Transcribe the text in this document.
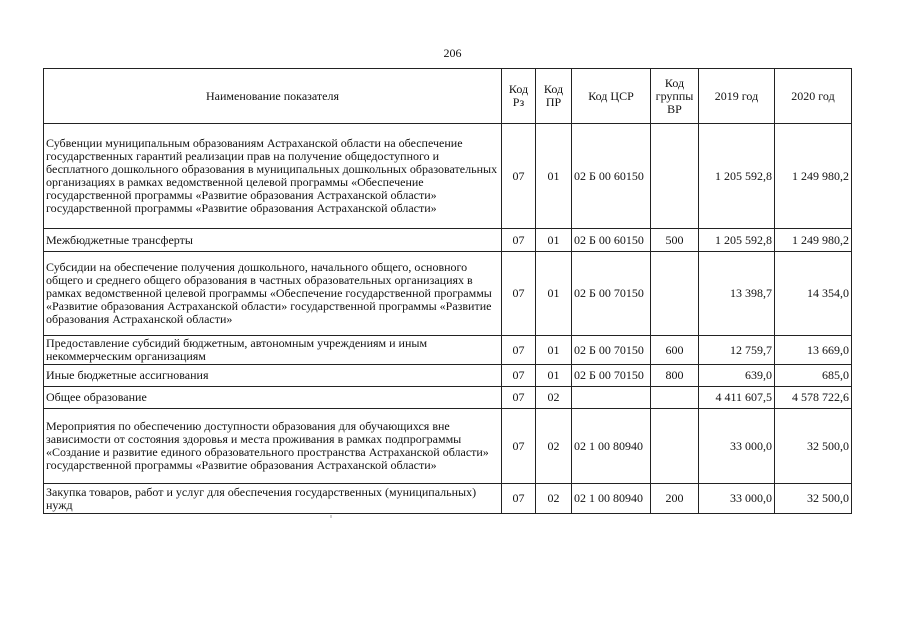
206
Наименование показателя	Код Рз	Код ПР	Код ЦСР	Код группы ВР	2019 год	2020 год
Субвенции муниципальным образованиям Астраханской области на обеспечение государственных гарантий реализации прав на получение общедоступного и бесплатного дошкольного образования в муниципальных дошкольных образовательных организациях в рамках ведомственной целевой программы «Обеспечение государственной программы «Развитие образования Астраханской области» государственной программы «Развитие образования Астраханской области»	07	01	02 Б 00 60150		1 205 592,8	1 249 980,2
Межбюджетные трансферты	07	01	02 Б 00 60150	500	1 205 592,8	1 249 980,2
Субсидии на обеспечение получения дошкольного, начального общего, основного общего и среднего общего образования в частных образовательных организациях в рамках ведомственной целевой программы «Обеспечение государственной программы «Развитие образования Астраханской области» государственной программы «Развитие образования Астраханской области»	07	01	02 Б 00 70150		13 398,7	14 354,0
Предоставление субсидий бюджетным, автономным учреждениям и иным некоммерческим организациям	07	01	02 Б 00 70150	600	12 759,7	13 669,0
Иные бюджетные ассигнования	07	01	02 Б 00 70150	800	639,0	685,0
Общее образование	07	02			4 411 607,5	4 578 722,6
Мероприятия по обеспечению доступности образования для обучающихся вне зависимости от состояния здоровья и места проживания в рамках подпрограммы «Создание и развитие единого образовательного пространства Астраханской области» государственной программы «Развитие образования Астраханской области»	07	02	02 1 00 80940		33 000,0	32 500,0
Закупка товаров, работ и услуг для обеспечения государственных (муниципальных) нужд	07	02	02 1 00 80940	200	33 000,0	32 500,0
